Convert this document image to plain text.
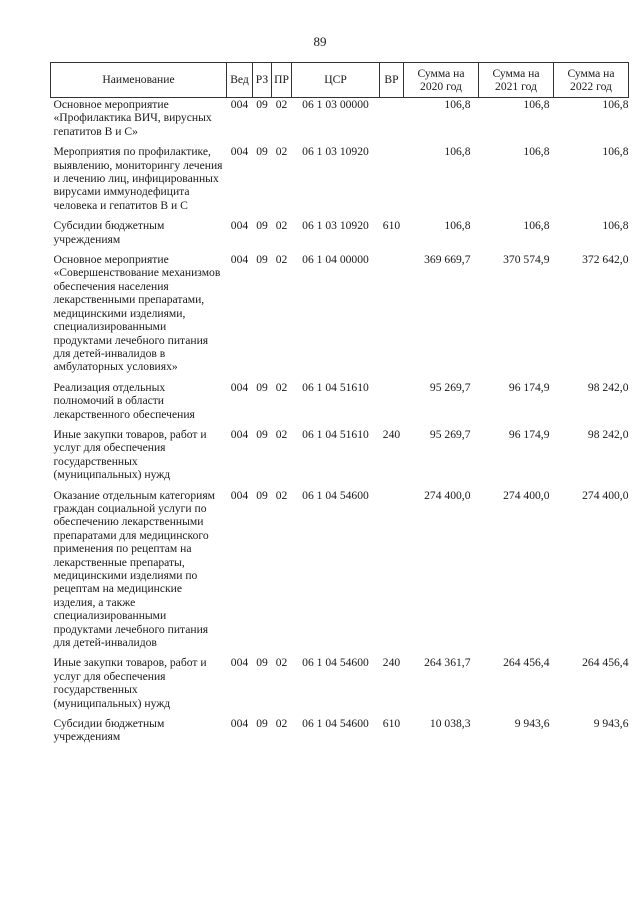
89
Наименование	Вед	РЗ	ПР	ЦСР	ВР	Сумма на 2020 год	Сумма на 2021 год	Сумма на 2022 год
Основное мероприятие «Профилактика ВИЧ, вирусных гепатитов В и С»	004	09	02	06 1 03 00000		106,8	106,8	106,8
Мероприятия по профилактике, выявлению, мониторингу лечения и лечению лиц, инфицированных вирусами иммунодефицита человека и гепатитов В и С	004	09	02	06 1 03 10920		106,8	106,8	106,8
Субсидии бюджетным учреждениям	004	09	02	06 1 03 10920	610	106,8	106,8	106,8
Основное мероприятие «Совершенствование механизмов обеспечения населения лекарственными препаратами, медицинскими изделиями, специализированными продуктами лечебного питания для детей-инвалидов в амбулаторных условиях»	004	09	02	06 1 04 00000		369 669,7	370 574,9	372 642,0
Реализация отдельных полномочий в области лекарственного обеспечения	004	09	02	06 1 04 51610		95 269,7	96 174,9	98 242,0
Иные закупки товаров, работ и услуг для обеспечения государственных (муниципальных) нужд	004	09	02	06 1 04 51610	240	95 269,7	96 174,9	98 242,0
Оказание отдельным категориям граждан социальной услуги по обеспечению лекарственными препаратами для медицинского применения по рецептам на лекарственные препараты, медицинскими изделиями по рецептам на медицинские изделия, а также специализированными продуктами лечебного питания для детей-инвалидов	004	09	02	06 1 04 54600		274 400,0	274 400,0	274 400,0
Иные закупки товаров, работ и услуг для обеспечения государственных (муниципальных) нужд	004	09	02	06 1 04 54600	240	264 361,7	264 456,4	264 456,4
Субсидии бюджетным учреждениям	004	09	02	06 1 04 54600	610	10 038,3	9 943,6	9 943,6
